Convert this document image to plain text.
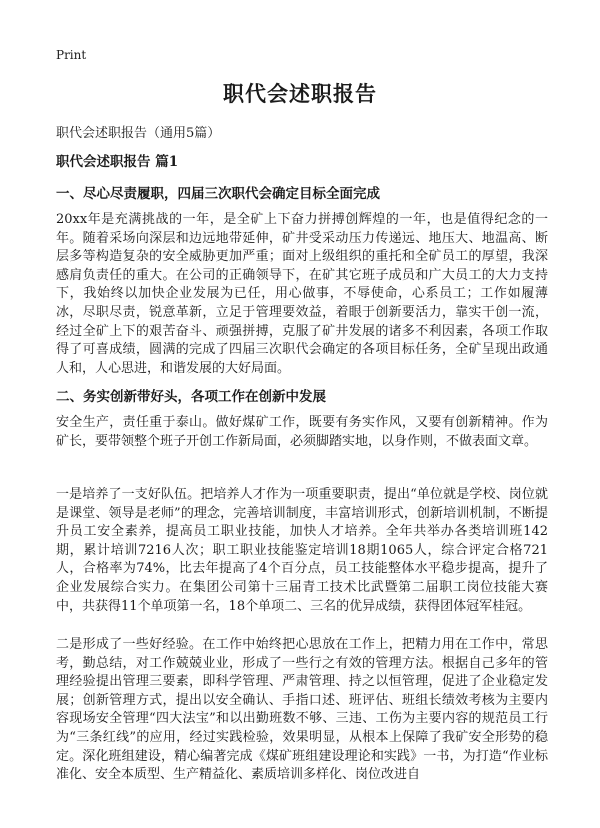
Print
职代会述职报告
职代会述职报告（通用5篇）
职代会述职报告 篇1
一、尽心尽责履职，四届三次职代会确定目标全面完成

20xx年是充满挑战的一年，是全矿上下奋力拼搏创辉煌的一年，也是值得纪念的一年。随着采场向深层和边远地带延伸，矿井受采动压力传递远、地压大、地温高、断层多等构造复杂的安全威胁更加严重；面对上级组织的重托和全矿员工的厚望，我深感肩负责任的重大。在公司的正确领导下，在矿其它班子成员和广大员工的大力支持下，我始终以加快企业发展为已任，用心做事，不辱使命，心系员工；工作如履薄冰，尽职尽责，锐意革新，立足于管理要效益，着眼于创新要活力，靠实干创一流，经过全矿上下的艰苦奋斗、顽强拼搏，克服了矿井发展的诸多不利因素，各项工作取得了可喜成绩，圆满的完成了四届三次职代会确定的各项目标任务，全矿呈现出政通人和，人心思进，和谐发展的大好局面。

二、务实创新带好头，各项工作在创新中发展

安全生产，责任重于泰山。做好煤矿工作，既要有务实作风，又要有创新精神。作为矿长，要带领整个班子开创工作新局面，必须脚踏实地，以身作则，不做表面文章。

一是培养了一支好队伍。把培养人才作为一项重要职责，提出“单位就是学校、岗位就是课堂、领导是老师”的理念，完善培训制度，丰富培训形式，创新培训机制，不断提升员工安全素养，提高员工职业技能，加快人才培养。全年共举办各类培训班142期，累计培训7216人次；职工职业技能鉴定培训18期1065人，综合评定合格721人，合格率为74%，比去年提高了4个百分点，员工技能整体水平稳步提高，提升了企业发展综合实力。在集团公司第十三届青工技术比武暨第二届职工岗位技能大赛中，共获得11个单项第一名，18个单项二、三名的优异成绩，获得团体冠军桂冠。

二是形成了一些好经验。在工作中始终把心思放在工作上，把精力用在工作中，常思考，勤总结，对工作兢兢业业，形成了一些行之有效的管理方法。根据自己多年的管理经验提出管理三要素，即科学管理、严肃管理、持之以恒管理，促进了企业稳定发展；创新管理方式，提出以安全确认、手指口述、班评估、班组长绩效考核为主要内容现场安全管理“四大法宝”和以出勤班数不够、三违、工伤为主要内容的规范员工行为“三条红线”的应用，经过实践检验，效果明显，从根本上保障了我矿安全形势的稳定。深化班组建设，精心编著完成《煤矿班组建设理论和实践》一书，为打造“作业标准化、安全本质型、生产精益化、素质培训多样化、岗位改进自
